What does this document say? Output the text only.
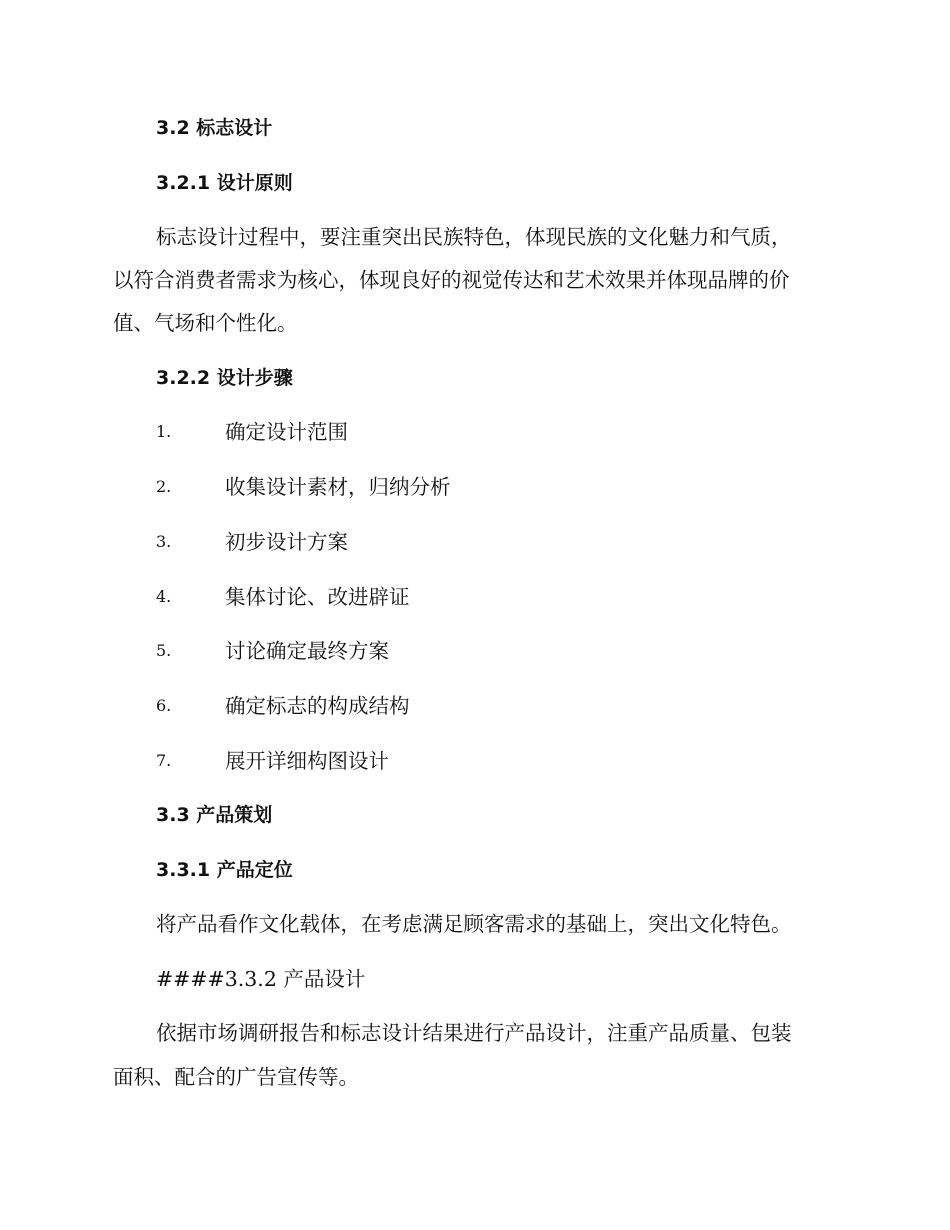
3.2 标志设计
3.2.1 设计原则
标志设计过程中，要注重突出民族特色，体现民族的文化魅力和气质，
以符合消费者需求为核心，体现良好的视觉传达和艺术效果并体现品牌的价
值、气场和个性化。
3.2.2 设计步骤
1.	确定设计范围
2.	收集设计素材，归纳分析
3.	初步设计方案
4.	集体讨论、改进辟证
5.	讨论确定最终方案
6.	确定标志的构成结构
7.	展开详细构图设计
3.3 产品策划
3.3.1 产品定位
将产品看作文化载体，在考虑满足顾客需求的基础上，突出文化特色。
####3.3.2 产品设计
依据市场调研报告和标志设计结果进行产品设计，注重产品质量、包装
面积、配合的广告宣传等。
